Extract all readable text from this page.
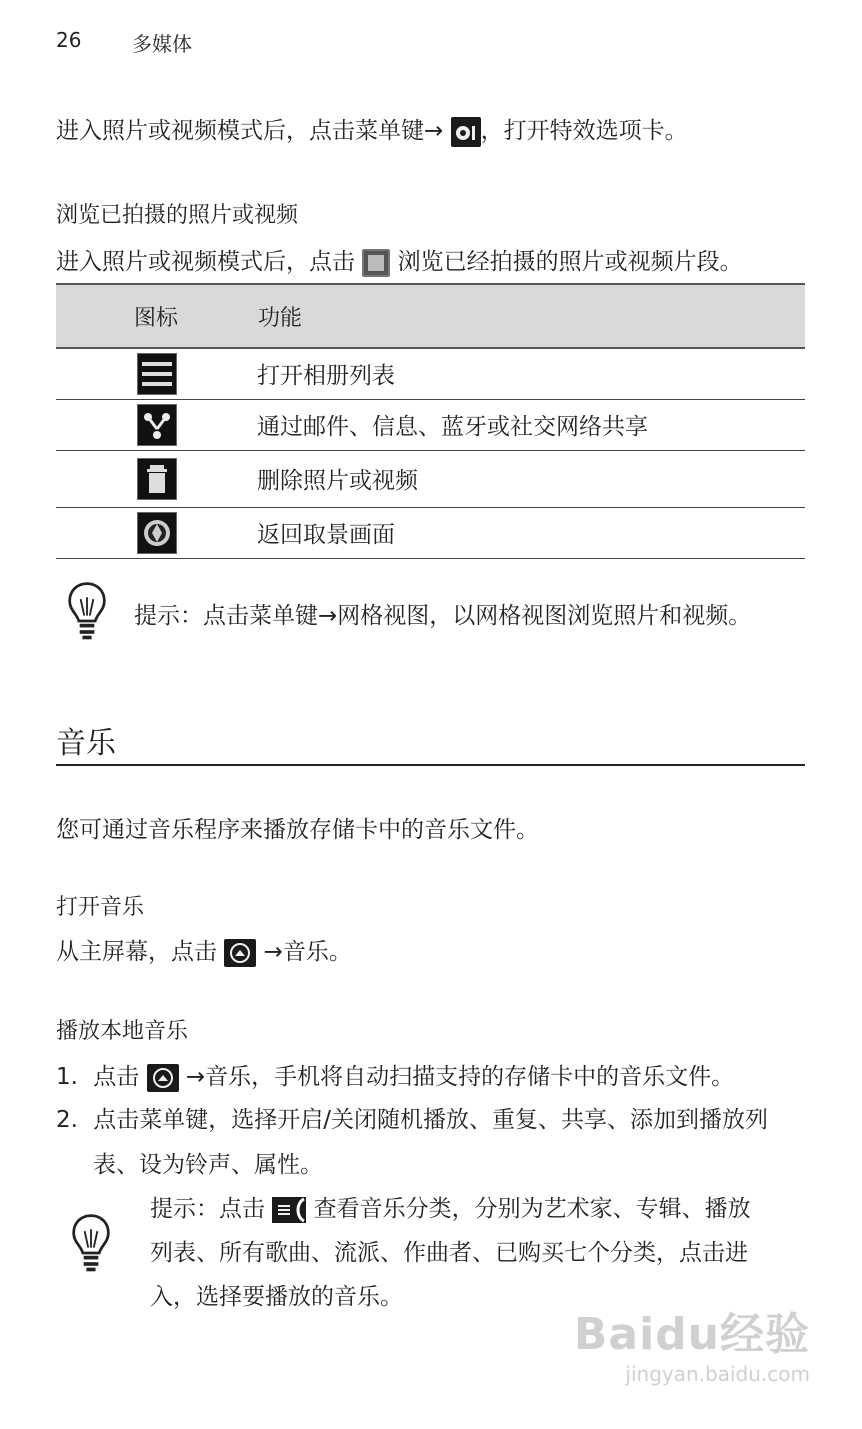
26	多媒体
进入照片或视频模式后，点击菜单键→ ，打开特效选项卡。
浏览已拍摄的照片或视频
进入照片或视频模式后，点击  浏览已经拍摄的照片或视频片段。
图标	功能
	打开相册列表
	通过邮件、信息、蓝牙或社交网络共享
	删除照片或视频
	返回取景画面
提示：点击菜单键→网格视图，以网格视图浏览照片和视频。
音乐
您可通过音乐程序来播放存储卡中的音乐文件。
打开音乐
从主屏幕，点击  →音乐。
播放本地音乐
1. 点击  →音乐，手机将自动扫描支持的存储卡中的音乐文件。
2. 点击菜单键，选择开启/关闭随机播放、重复、共享、添加到播放列
表、设为铃声、属性。
提示：点击  查看音乐分类，分别为艺术家、专辑、播放
列表、所有歌曲、流派、作曲者、已购买七个分类，点击进
入，选择要播放的音乐。
Baidu经验
jingyan.baidu.com
